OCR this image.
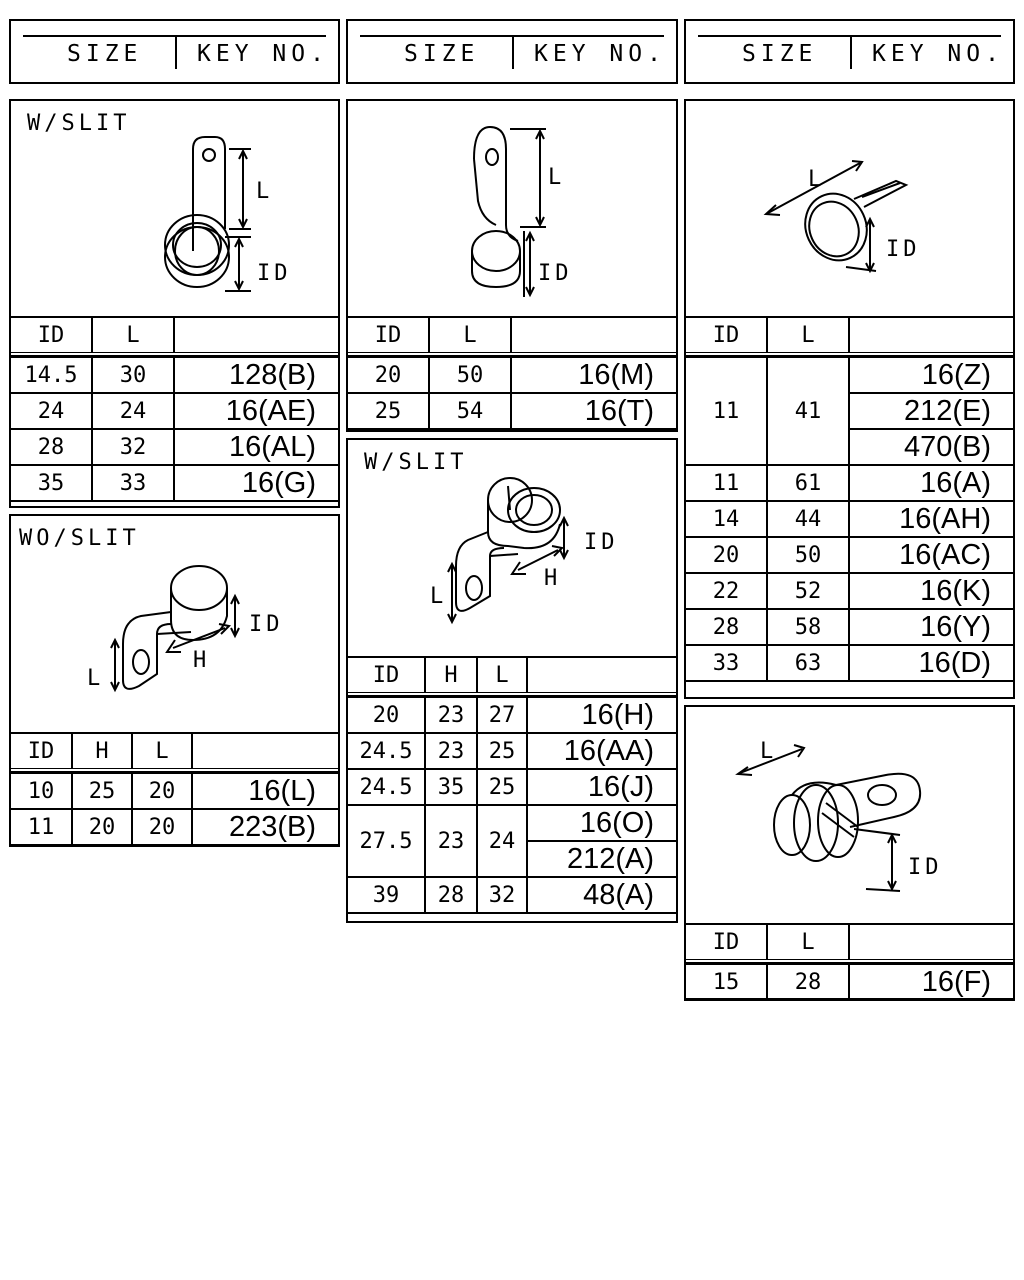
SIZE KEY NO.	SIZE KEY NO.	SIZE KEY NO.
W/SLIT
L
ID
ID	L	

14.5	30	128(B)
24	24	16(AE)
28	32	16(AL)
35	33	16(G)
WO/SLIT
L
H
ID
ID	H	L	

10	25	20	16(L)
11	20	20	223(B)
L
ID
ID	L	

20	50	16(M)
25	54	16(T)
W/SLIT
L
H
ID
ID	H	L	

20	23	27	16(H)
24.5	23	25	16(AA)
24.5	35	25	16(J)
27.5	23	24	16(O)
			212(A)
39	28	32	48(A)
L
ID
ID	L	

11	41	16(Z)
		212(E)
		470(B)
11	61	16(A)
14	44	16(AH)
20	50	16(AC)
22	52	16(K)
28	58	16(Y)
33	63	16(D)
L
ID
ID	L	

15	28	16(F)
